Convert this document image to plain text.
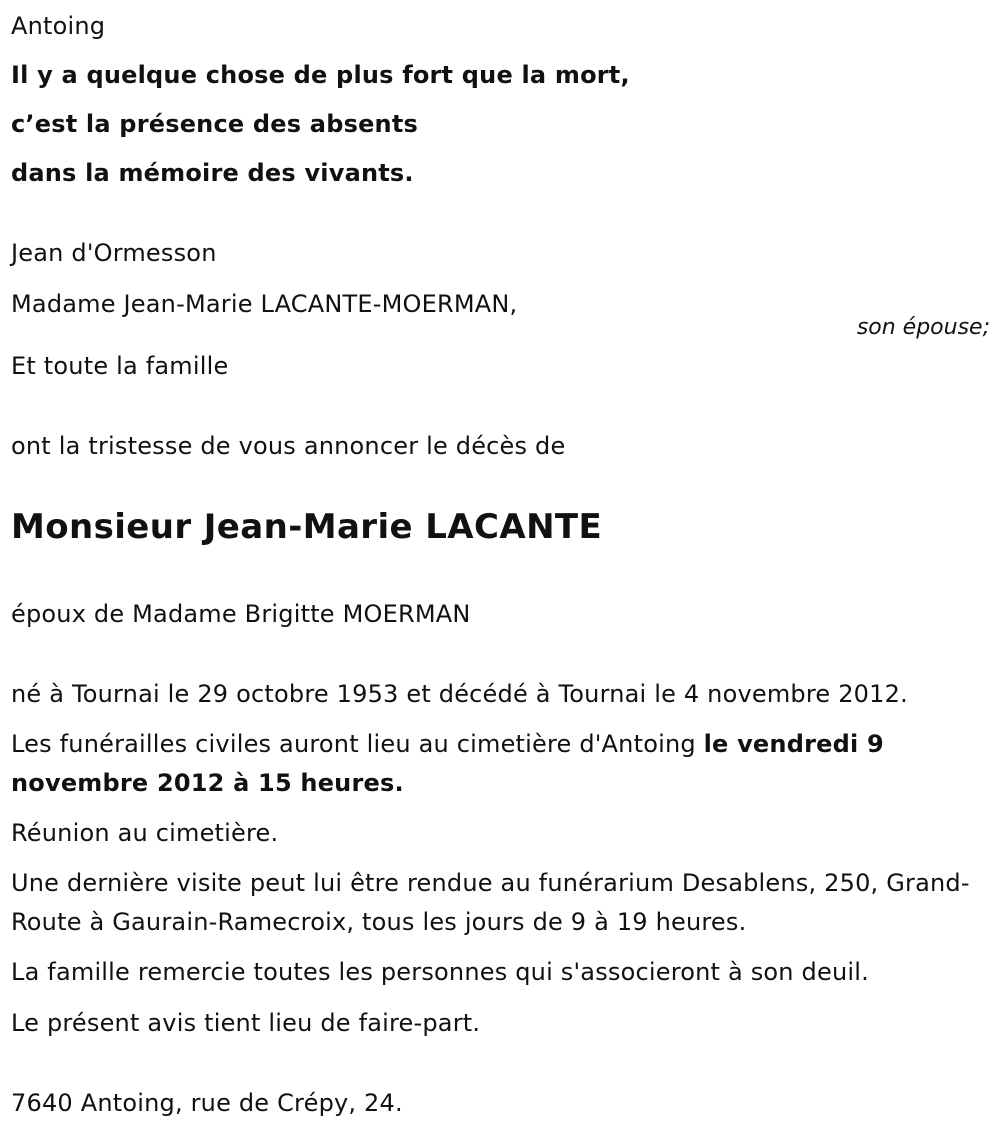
Antoing
Il y a quelque chose de plus fort que la mort,
c’est la présence des absents
dans la mémoire des vivants.
Jean d'Ormesson
Madame Jean-Marie LACANTE-MOERMAN,
son épouse;
Et toute la famille
ont la tristesse de vous annoncer le décès de
Monsieur Jean-Marie LACANTE
époux de Madame Brigitte MOERMAN
né à Tournai le 29 octobre 1953 et décédé à Tournai le 4 novembre 2012.
Les funérailles civiles auront lieu au cimetière d'Antoing le vendredi 9 novembre 2012 à 15 heures.
Réunion au cimetière.
Une dernière visite peut lui être rendue au funérarium Desablens, 250, Grand-Route à Gaurain-Ramecroix, tous les jours de 9 à 19 heures.
La famille remercie toutes les personnes qui s'associeront à son deuil.
Le présent avis tient lieu de faire-part.
7640 Antoing, rue de Crépy, 24.
